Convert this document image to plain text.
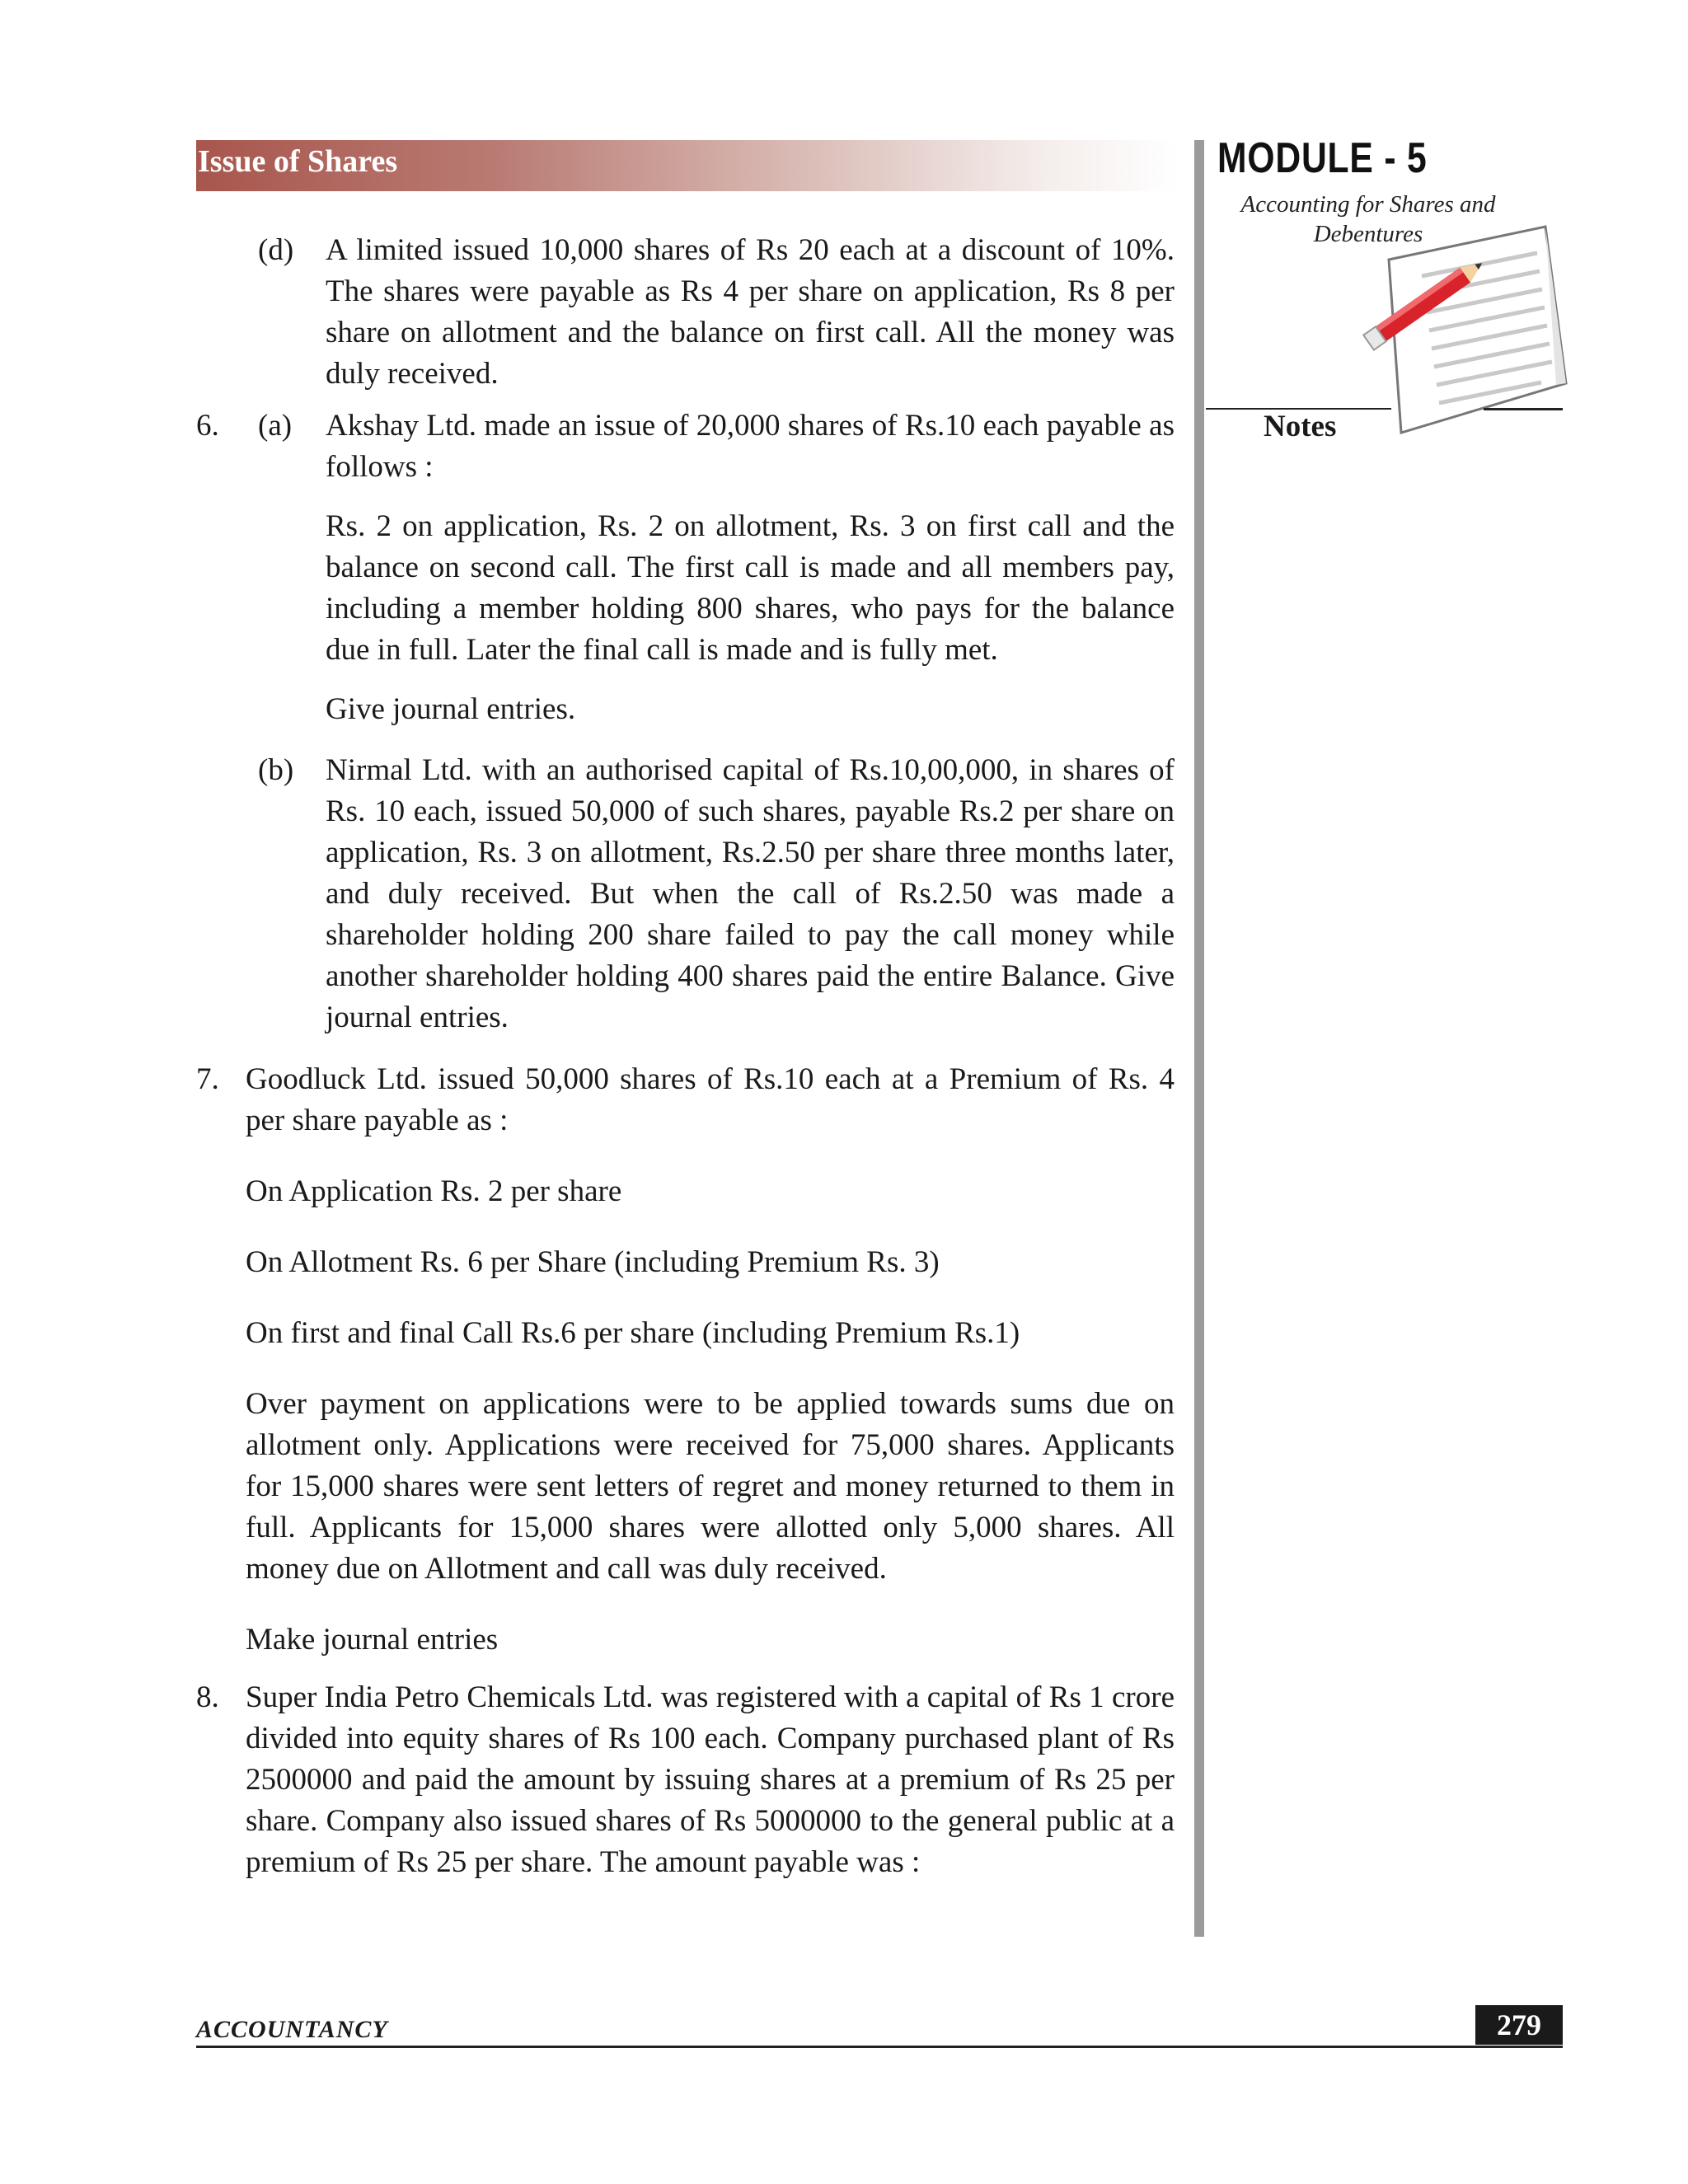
Issue of Shares	MODULE - 5
Accounting for Shares and Debentures
Notes
(d) A limited issued 10,000 shares of Rs 20 each at a discount of 10%. The shares were payable as Rs 4 per share on application, Rs 8 per share on allotment and the balance on first call. All the money was duly received.

6. (a) Akshay Ltd. made an issue of 20,000 shares of Rs.10 each payable as follows :

Rs. 2 on application, Rs. 2 on allotment, Rs. 3 on first call and the balance on second call. The first call is made and all members pay, including a member holding 800 shares, who pays for the balance due in full. Later the final call is made and is fully met.

Give journal entries.

(b) Nirmal Ltd. with an authorised capital of Rs.10,00,000, in shares of Rs. 10 each, issued 50,000 of such shares, payable Rs.2 per share on application, Rs. 3 on allotment, Rs.2.50 per share three months later, and duly received. But when the call of Rs.2.50 was made a shareholder holding 200 share failed to pay the call money while another shareholder holding 400 shares paid the entire Balance. Give journal entries.

7. Goodluck Ltd. issued 50,000 shares of Rs.10 each at a Premium of Rs. 4 per share payable as :

On Application Rs. 2 per share

On Allotment Rs. 6 per Share (including Premium Rs. 3)

On first and final Call Rs.6 per share (including Premium Rs.1)

Over payment on applications were to be applied towards sums due on allotment only. Applications were received for 75,000 shares. Applicants for 15,000 shares were sent letters of regret and money returned to them in full. Applicants for 15,000 shares were allotted only 5,000 shares. All money due on Allotment and call was duly received.

Make journal entries

8. Super India Petro Chemicals Ltd. was registered with a capital of Rs 1 crore divided into equity shares of Rs 100 each. Company purchased plant of Rs 2500000 and paid the amount by issuing shares at a premium of Rs 25 per share. Company also issued shares of Rs 5000000 to the general public at a premium of Rs 25 per share. The amount payable was :

ACCOUNTANCY	279
